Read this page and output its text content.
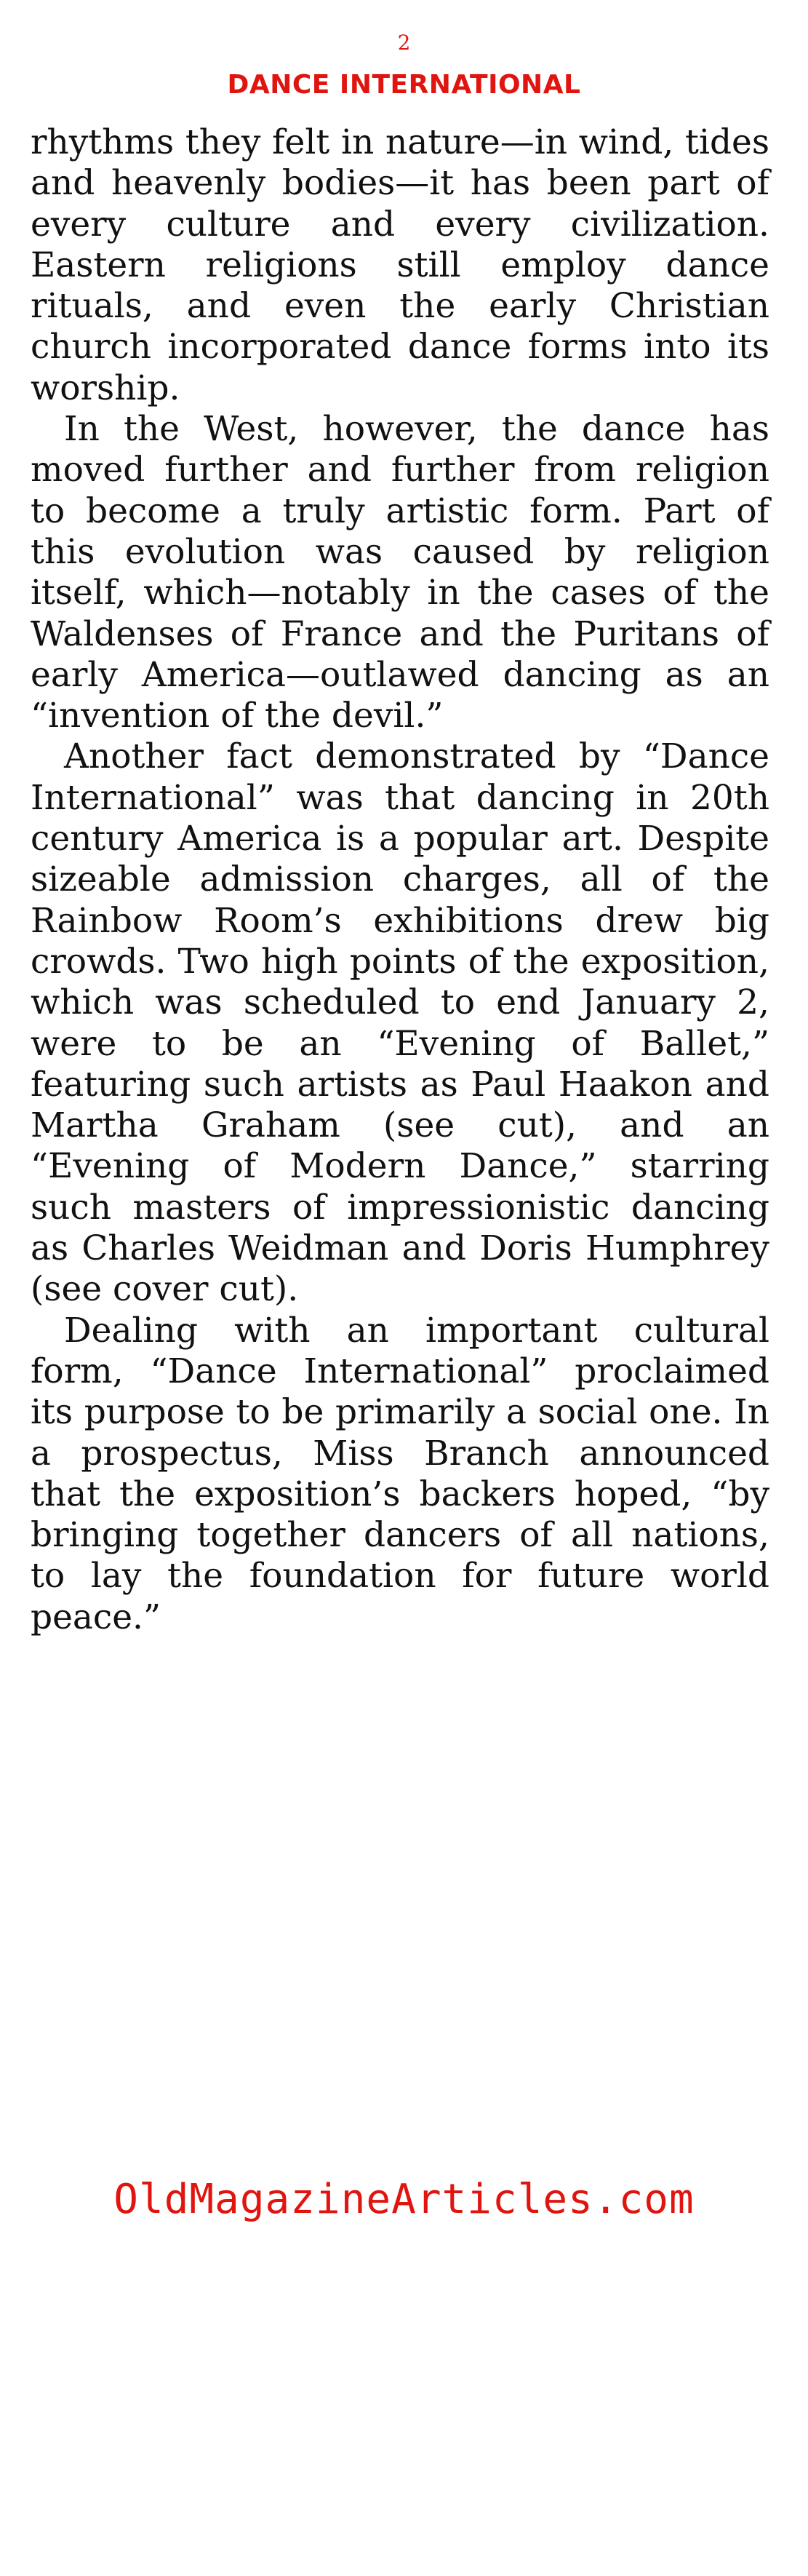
2
DANCE INTERNATIONAL

rhythms they felt in nature—in wind, tides and heavenly bodies—it has been part of every culture and every civilization. Eastern religions still employ dance rituals, and even the early Christian church incorporated dance forms into its worship.

In the West, however, the dance has moved further and further from religion to become a truly artistic form. Part of this evolution was caused by religion itself, which—notably in the cases of the Waldenses of France and the Puritans of early America—outlawed dancing as an “invention of the devil.”

Another fact demonstrated by “Dance International” was that dancing in 20th century America is a popular art. Despite sizeable admission charges, all of the Rainbow Room’s exhibitions drew big crowds. Two high points of the exposition, which was scheduled to end January 2, were to be an “Evening of Ballet,” featuring such artists as Paul Haakon and Martha Graham (see cut), and an “Evening of Modern Dance,” starring such masters of impressionistic dancing as Charles Weidman and Doris Humphrey (see cover cut).

Dealing with an important cultural form, “Dance International” proclaimed its purpose to be primarily a social one. In a prospectus, Miss Branch announced that the exposition’s backers hoped, “by bringing together dancers of all nations, to lay the foundation for future world peace.”

OldMagazineArticles.com
